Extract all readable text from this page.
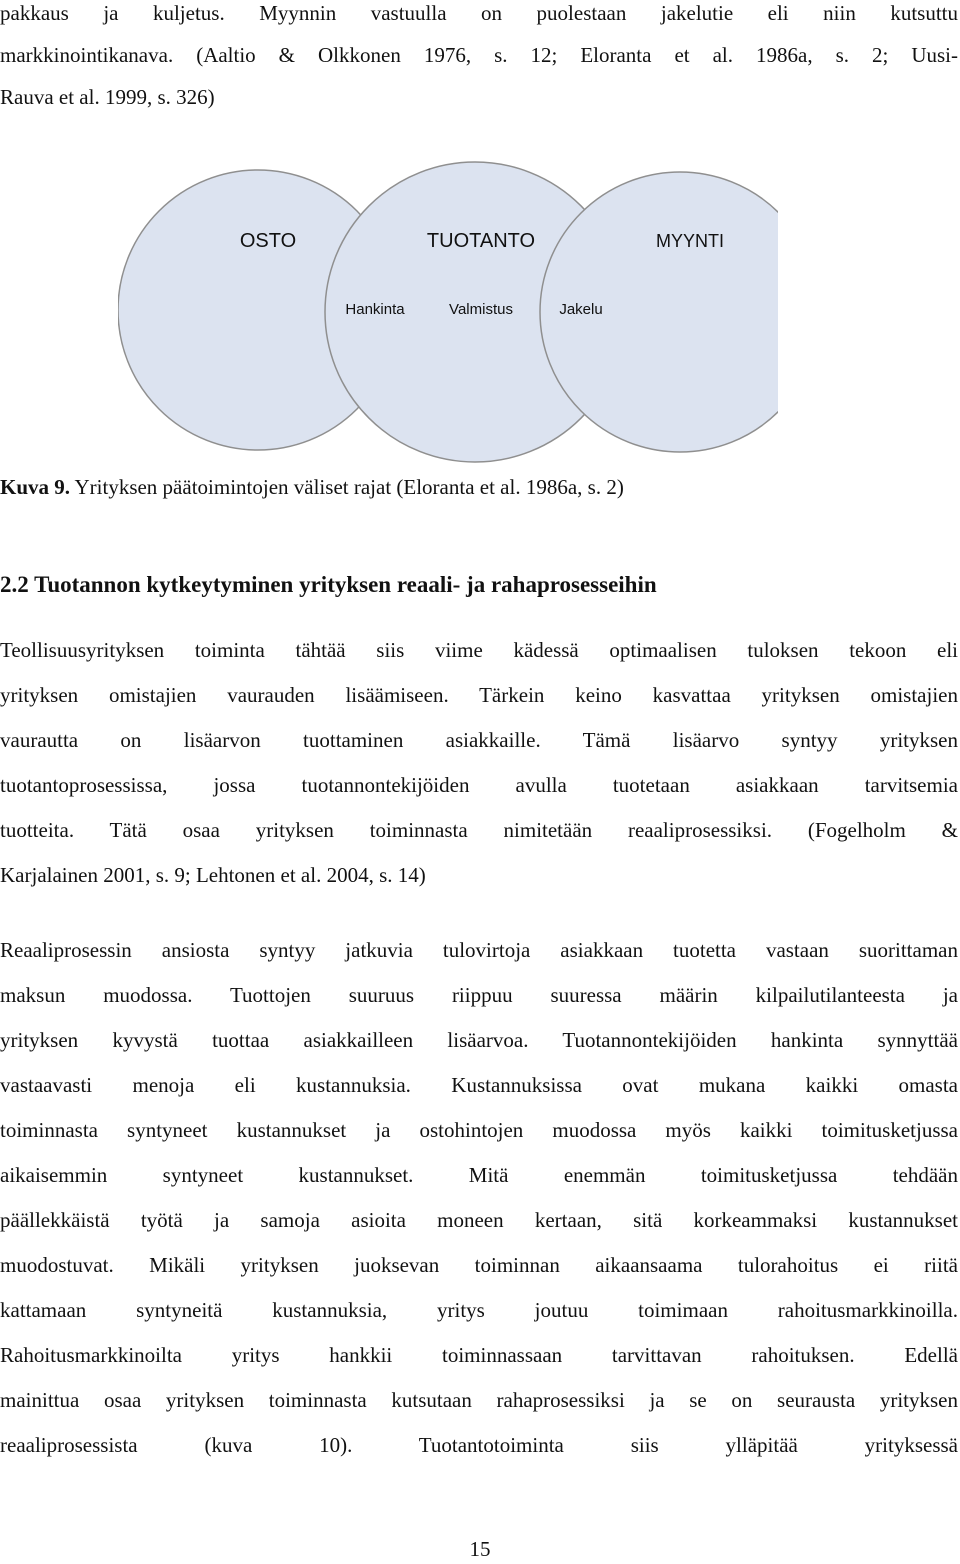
pakkaus ja kuljetus. Myynnin vastuulla on puolestaan jakelutie eli niin kutsuttu
markkinointikanava. (Aaltio & Olkkonen 1976, s. 12; Eloranta et al. 1986a, s. 2; Uusi-
Rauva et al. 1999, s. 326)
OSTO	TUOTANTO	MYYNTI
Hankinta	Valmistus	Jakelu
Kuva 9. Yrityksen päätoimintojen väliset rajat (Eloranta et al. 1986a, s. 2)
2.2 Tuotannon kytkeytyminen yrityksen reaali- ja rahaprosesseihin
Teollisuusyrityksen toiminta tähtää siis viime kädessä optimaalisen tuloksen tekoon eli
yrityksen omistajien vaurauden lisäämiseen. Tärkein keino kasvattaa yrityksen omistajien
vaurautta on lisäarvon tuottaminen asiakkaille. Tämä lisäarvo syntyy yrityksen
tuotantoprosessissa, jossa tuotannontekijöiden avulla tuotetaan asiakkaan tarvitsemia
tuotteita. Tätä osaa yrityksen toiminnasta nimitetään reaaliprosessiksi. (Fogelholm &
Karjalainen 2001, s. 9; Lehtonen et al. 2004, s. 14)
Reaaliprosessin ansiosta syntyy jatkuvia tulovirtoja asiakkaan tuotetta vastaan suorittaman
maksun muodossa. Tuottojen suuruus riippuu suuressa määrin kilpailutilanteesta ja
yrityksen kyvystä tuottaa asiakkailleen lisäarvoa. Tuotannontekijöiden hankinta synnyttää
vastaavasti menoja eli kustannuksia. Kustannuksissa ovat mukana kaikki omasta
toiminnasta syntyneet kustannukset ja ostohintojen muodossa myös kaikki toimitusketjussa
aikaisemmin syntyneet kustannukset. Mitä enemmän toimitusketjussa tehdään
päällekkäistä työtä ja samoja asioita moneen kertaan, sitä korkeammaksi kustannukset
muodostuvat. Mikäli yrityksen juoksevan toiminnan aikaansaama tulorahoitus ei riitä
kattamaan syntyneitä kustannuksia, yritys joutuu toimimaan rahoitusmarkkinoilla.
Rahoitusmarkkinoilta yritys hankkii toiminnassaan tarvittavan rahoituksen. Edellä
mainittua osaa yrityksen toiminnasta kutsutaan rahaprosessiksi ja se on seurausta yrityksen
reaaliprosessista (kuva 10). Tuotantotoiminta siis ylläpitää yrityksessä
15
